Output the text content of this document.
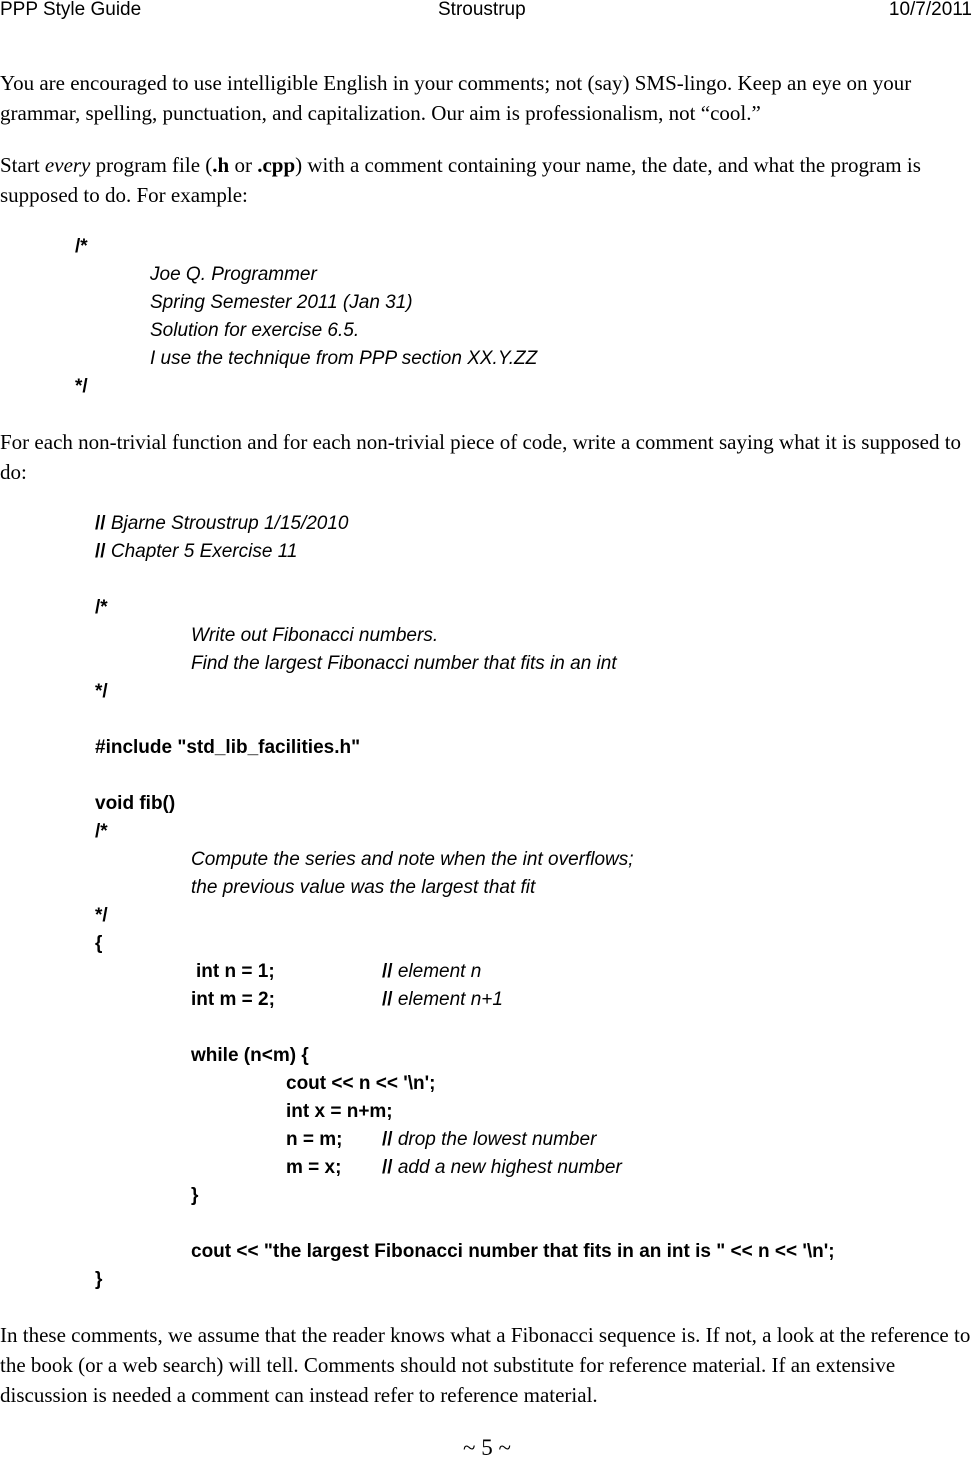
PPP Style Guide	Stroustrup	10/7/2011

You are encouraged to use intelligible English in your comments; not (say) SMS-lingo. Keep an eye on your grammar, spelling, punctuation, and capitalization. Our aim is professionalism, not “cool.”

Start every program file (.h or .cpp) with a comment containing your name, the date, and what the program is supposed to do. For example:

/*
Joe Q. Programmer
Spring Semester 2011 (Jan 31)
Solution for exercise 6.5.
I use the technique from PPP section XX.Y.ZZ
*/

For each non-trivial function and for each non-trivial piece of code, write a comment saying what it is supposed to do:

// Bjarne Stroustrup 1/15/2010
// Chapter 5 Exercise 11
/*
Write out Fibonacci numbers.
Find the largest Fibonacci number that fits in an int
*/
#include "std_lib_facilities.h"
void fib()
/*
Compute the series and note when the int overflows;
the previous value was the largest that fit
*/
{
int n = 1;	// element n
int m = 2;	// element n+1
while (n<m) {
cout << n << '\n';
int x = n+m;
n = m; // drop the lowest number
m = x; // add a new highest number
}
cout << "the largest Fibonacci number that fits in an int is " << n << '\n';
}

In these comments, we assume that the reader knows what a Fibonacci sequence is. If not, a look at the reference to the book (or a web search) will tell. Comments should not substitute for reference material. If an extensive discussion is needed a comment can instead refer to reference material.

~ 5 ~
